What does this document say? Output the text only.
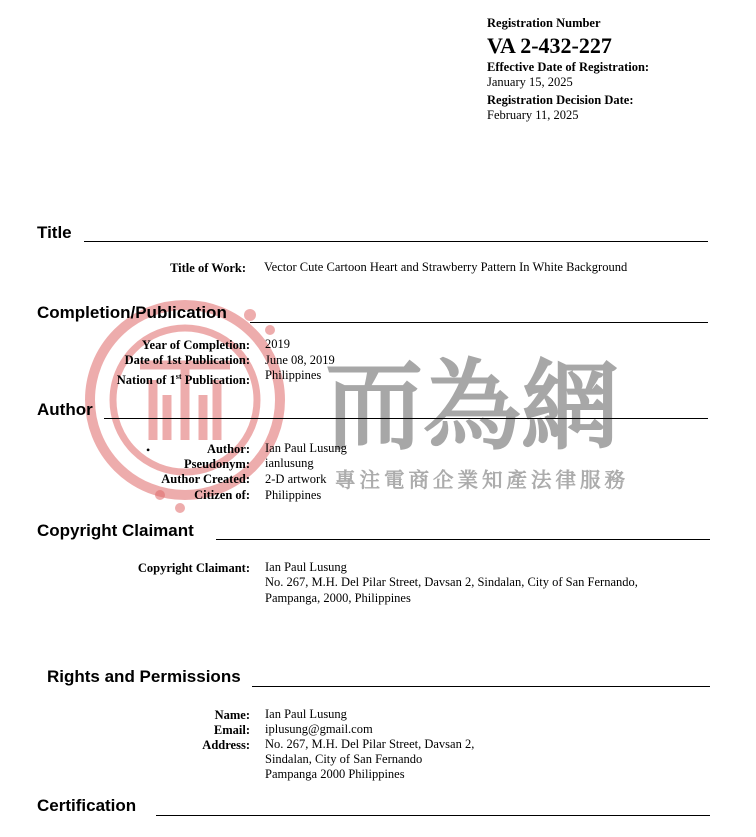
而為網
專注電商企業知產法律服務
Registration Number
VA 2-432-227
Effective Date of Registration:
January 15, 2025
Registration Decision Date:
February 11, 2025
Title
Title of Work: Vector Cute Cartoon Heart and Strawberry Pattern In White Background
Completion/Publication
Year of Completion: 2019
Date of 1st Publication: June 08, 2019
Nation of 1st Publication: Philippines
Author
•	Author: Ian Paul Lusung
Pseudonym: ianlusung
Author Created: 2-D artwork
Citizen of: Philippines
Copyright Claimant
Copyright Claimant: Ian Paul Lusung
No. 267, M.H. Del Pilar Street, Davsan 2, Sindalan, City of San Fernando,
Pampanga, 2000, Philippines
Rights and Permissions
Name: Ian Paul Lusung
Email: iplusung@gmail.com
Address: No. 267, M.H. Del Pilar Street, Davsan 2,
Sindalan, City of San Fernando
Pampanga 2000 Philippines
Certification
